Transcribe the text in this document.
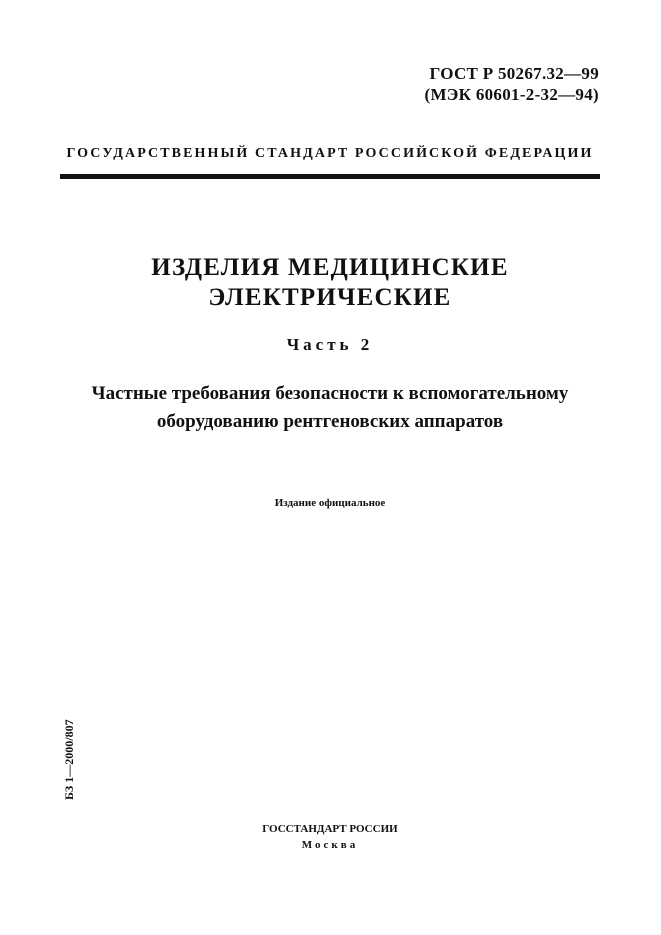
ГОСТ Р 50267.32—99
(МЭК 60601-2-32—94)
ГОСУДАРСТВЕННЫЙ СТАНДАРТ РОССИЙСКОЙ ФЕДЕРАЦИИ
ИЗДЕЛИЯ МЕДИЦИНСКИЕ
ЭЛЕКТРИЧЕСКИЕ
Часть 2
Частные требования безопасности к вспомогательному
оборудованию рентгеновских аппаратов
Издание официальное
БЗ 1—2000/807
ГОССТАНДАРТ РОССИИ
Москва
